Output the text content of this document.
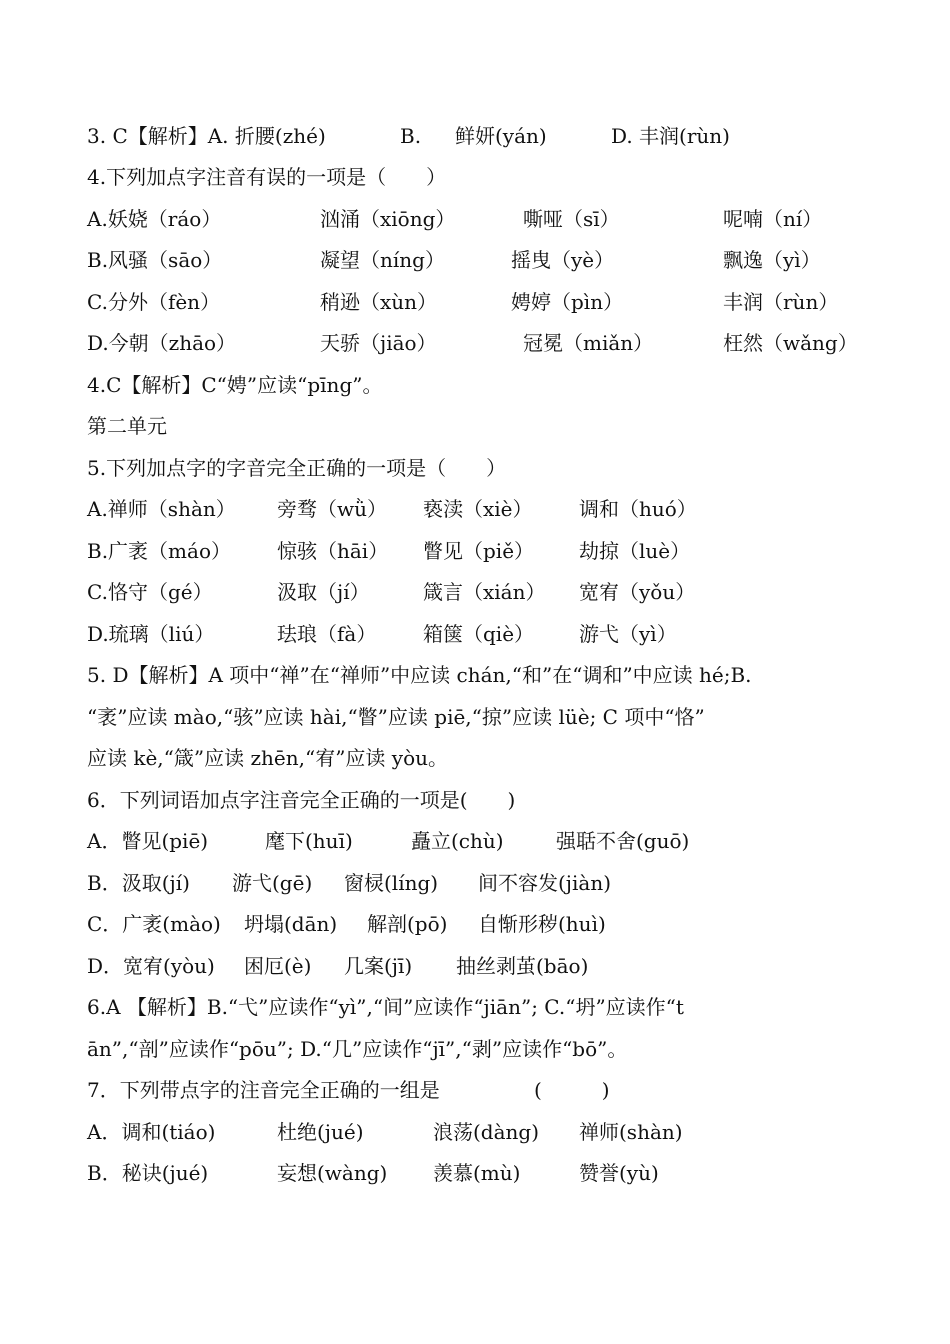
3. C【解析】A. 折腰(zhé)	B. 鲜妍(yán)	D. 丰润(rùn)
4.下列加点字注音有误的一项是（　　）
A.妖娆（ráo）	汹涌（xiōng）	嘶哑（sī）	呢喃（ní）
B.风骚（sāo）	凝望（níng）	摇曳（yè）	飘逸（yì）
C.分外（fèn）	稍逊（xùn）	娉婷（pìn）	丰润（rùn）
D.今朝（zhāo）	天骄（jiāo）	冠冕（miǎn）	枉然（wǎng）
4.C【解析】C“娉”应读“pīng”。
第二单元
5.下列加点字的字音完全正确的一项是（　　）
A.禅师（shàn） 旁骛（wǜ） 亵渎（xiè） 调和（huó）
B.广袤（máo） 惊骇（hāi） 瞥见（piě） 劫掠（luè）
C.恪守（gé）	汲取（jí）	箴言（xián） 宽宥（yǒu）
D.琉璃（liú）	珐琅（fà） 箱箧（qiè） 游弋（yì）
5. D【解析】A 项中“禅”在“禅师”中应读 chán,“和”在“调和”中应读 hé;B.
“袤”应读 mào,“骇”应读 hài,“瞥”应读 piē,“掠”应读 lüè; C 项中“恪”
应读 kè,“箴”应读 zhēn,“宥”应读 yòu。
6．下列词语加点字注音完全正确的一项是(　　)
A．瞥见(piē)	麾下(huī)	矗立(chù)	强聒不舍(guō)
B．汲取(jí) 游弋(gē) 窗棂(líng) 间不容发(jiàn)
C．广袤(mào) 坍塌(dān) 解剖(pō) 自惭形秽(huì)
D．宽宥(yòu) 困厄(è) 几案(jī) 抽丝剥茧(bāo)
6.A 【解析】B.“弋”应读作“yì”,“间”应读作“jiān”; C.“坍”应读作“t
ān”,“剖”应读作“pōu”; D.“几”应读作“jī”,“剥”应读作“bō”。
7．下列带点字的注音完全正确的一组是	(　　　)
A．调和(tiáo)	杜绝(jué)	浪荡(dàng) 禅师(shàn)
B．秘诀(jué)	妄想(wàng) 羡慕(mù)	赞誉(yù)
